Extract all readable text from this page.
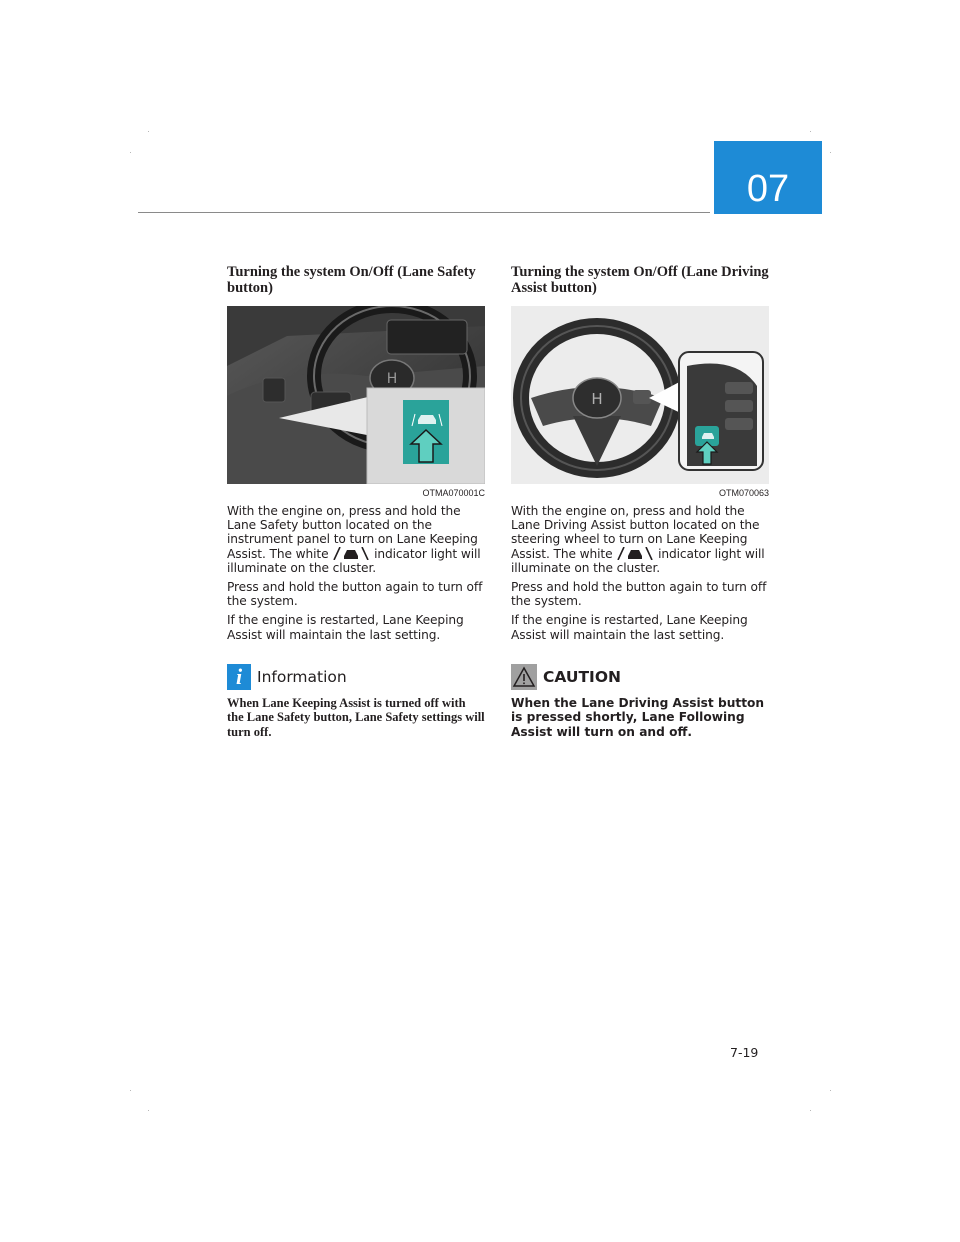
07
Turning the system On/Off (Lane Safety button)
H
OTMA070001C

With the engine on, press and hold the Lane Safety button located on the instrument panel to turn on Lane Keeping Assist. The white	indicator light will illuminate on the cluster.

Press and hold the button again to turn off the system.

If the engine is restarted, Lane Keeping Assist will maintain the last setting.

i Information
When Lane Keeping Assist is turned off with the Lane Safety button, Lane Safety settings will turn off.
Turning the system On/Off (Lane Driving Assist button)
H
OTM070063

With the engine on, press and hold the Lane Driving Assist button located on the steering wheel to turn on Lane Keeping Assist. The white	indicator light will illuminate on the cluster.

Press and hold the button again to turn off the system.

If the engine is restarted, Lane Keeping Assist will maintain the last setting.

CAUTION
When the Lane Driving Assist button is pressed shortly, Lane Following Assist will turn on and off.
7-19
